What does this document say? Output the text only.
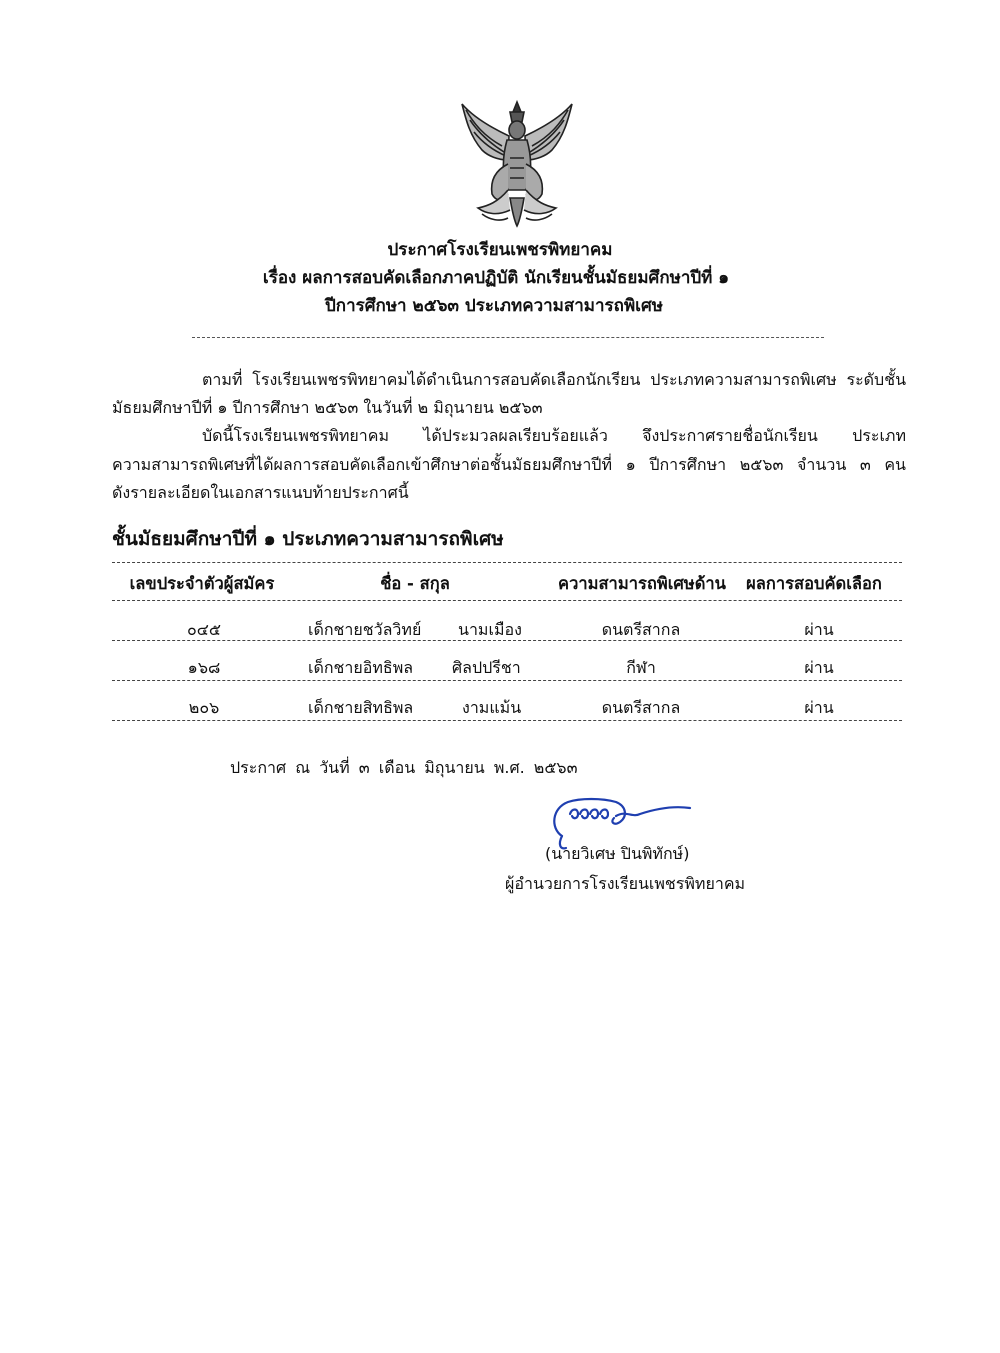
ประกาศโรงเรียนเพชรพิทยาคม
เรื่อง ผลการสอบคัดเลือกภาคปฏิบัติ นักเรียนชั้นมัธยมศึกษาปีที่ ๑
ปีการศึกษา ๒๕๖๓ ประเภทความสามารถพิเศษ
ตามที่ โรงเรียนเพชรพิทยาคมได้ดำเนินการสอบคัดเลือกนักเรียน ประเภทความสามารถพิเศษ ระดับชั้น
มัธยมศึกษาปีที่ ๑ ปีการศึกษา ๒๕๖๓ ในวันที่ ๒ มิถุนายน ๒๕๖๓
บัดนี้โรงเรียนเพชรพิทยาคม ได้ประมวลผลเรียบร้อยแล้ว จึงประกาศรายชื่อนักเรียน ประเภท
ความสามารถพิเศษที่ได้ผลการสอบคัดเลือกเข้าศึกษาต่อชั้นมัธยมศึกษาปีที่ ๑ ปีการศึกษา ๒๕๖๓ จำนวน ๓ คน
ดังรายละเอียดในเอกสารแนบท้ายประกาศนี้
ชั้นมัธยมศึกษาปีที่ ๑ ประเภทความสามารถพิเศษ
เลขประจำตัวผู้สมัคร	ชื่อ - สกุล	ความสามารถพิเศษด้าน ผลการสอบคัดเลือก
๐๔๕	เด็กชายชวัลวิทย์ นามเมือง	ดนตรีสากล	ผ่าน
๑๖๘	เด็กชายอิทธิพล ศิลปปรีชา	กีฬา	ผ่าน
๒๐๖	เด็กชายสิทธิพล	งามแม้น	ดนตรีสากล	ผ่าน
ประกาศ ณ วันที่ ๓ เดือน มิถุนายน พ.ศ. ๒๕๖๓
(นายวิเศษ ปินพิทักษ์)
ผู้อำนวยการโรงเรียนเพชรพิทยาคม
